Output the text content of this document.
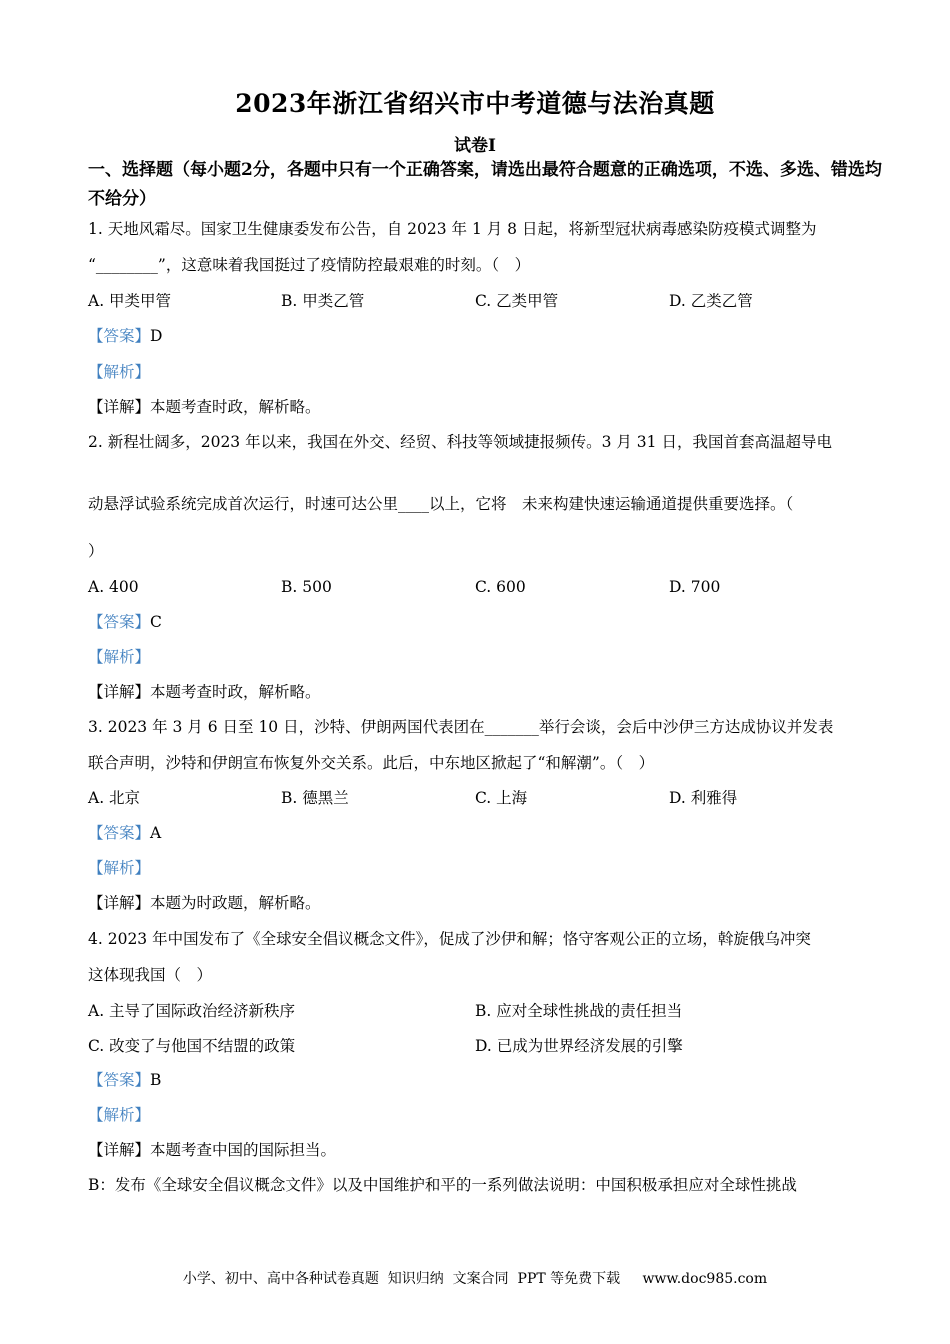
2023年浙江省绍兴市中考道德与法治真题
试卷I
一、选择题（每小题2分，各题中只有一个正确答案，请选出最符合题意的正确选项，不选、多选、错选均不给分）
1. 天地风霜尽。国家卫生健康委发布公告，自 2023 年 1 月 8 日起，将新型冠状病毒感染防疫模式调整为
“________”，这意味着我国挺过了疫情防控最艰难的时刻。（　）
A. 甲类甲管	B. 甲类乙管	C. 乙类甲管	D. 乙类乙管
【答案】D
【解析】
【详解】本题考查时政，解析略。
2. 新程壮阔多，2023 年以来，我国在外交、经贸、科技等领域捷报频传。3 月 31 日，我国首套高温超导电
动悬浮试验系统完成首次运行，时速可达公里____以上，它将　未来构建快速运输通道提供重要选择。（
）
A. 400	B. 500	C. 600	D. 700
【答案】C
【解析】
【详解】本题考查时政，解析略。
3. 2023 年 3 月 6 日至 10 日，沙特、伊朗两国代表团在_______举行会谈，会后中沙伊三方达成协议并发表
联合声明，沙特和伊朗宣布恢复外交关系。此后，中东地区掀起了“和解潮”。（　）
A. 北京	B. 德黑兰	C. 上海	D. 利雅得
【答案】A
【解析】
【详解】本题为时政题，解析略。
4. 2023 年中国发布了《全球安全倡议概念文件》，促成了沙伊和解；恪守客观公正的立场，斡旋俄乌冲突
这体现我国（　）
A. 主导了国际政治经济新秩序	B. 应对全球性挑战的责任担当
C. 改变了与他国不结盟的政策	D. 已成为世界经济发展的引擎
【答案】B
【解析】
【详解】本题考查中国的国际担当。
B：发布《全球安全倡议概念文件》以及中国维护和平的一系列做法说明：中国积极承担应对全球性挑战
小学、初中、高中各种试卷真题  知识归纳  文案合同  PPT 等免费下载     www.doc985.com
